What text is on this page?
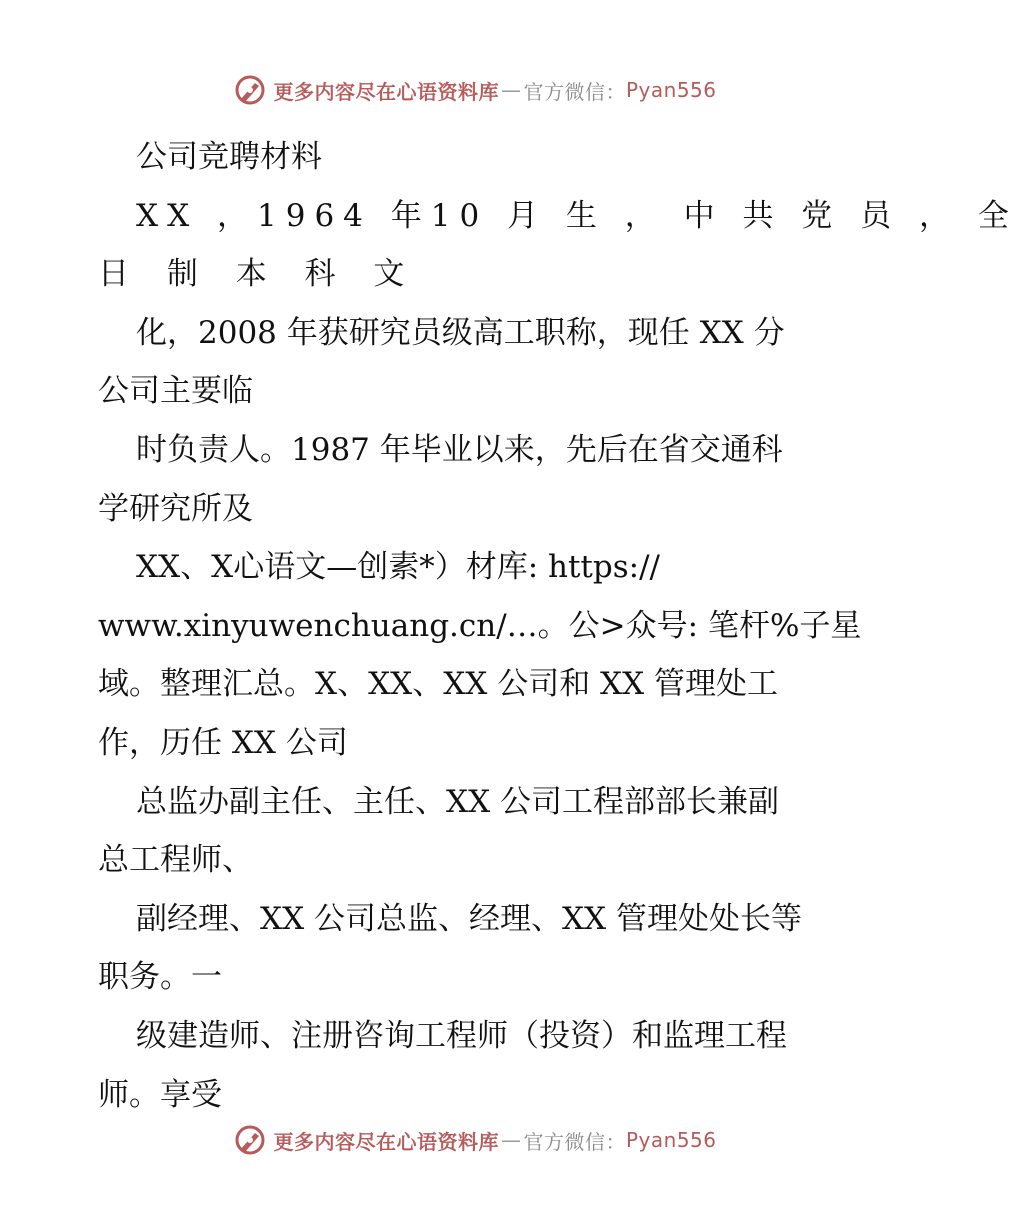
更多内容尽在心语资料库 — 官方微信： Pyan556
公司竞聘材料
XX ，1964 年10 月 生 ， 中 共 党 员 ， 全
日 制 本 科 文
化，2008 年获研究员级高工职称，现任 XX 分
公司主要临
时负责人。1987 年毕业以来，先后在省交通科
学研究所及
XX、X心语文—创素*）材库: https://
www.xinyuwenchuang.cn/…。公>众号: 笔杆%子星
域。整理汇总。X、XX、XX 公司和 XX 管理处工
作，历任 XX 公司
总监办副主任、主任、XX 公司工程部部长兼副
总工程师、
副经理、XX 公司总监、经理、XX 管理处处长等
职务。一
级建造师、注册咨询工程师（投资）和监理工程
师。享受
更多内容尽在心语资料库 — 官方微信： Pyan556
